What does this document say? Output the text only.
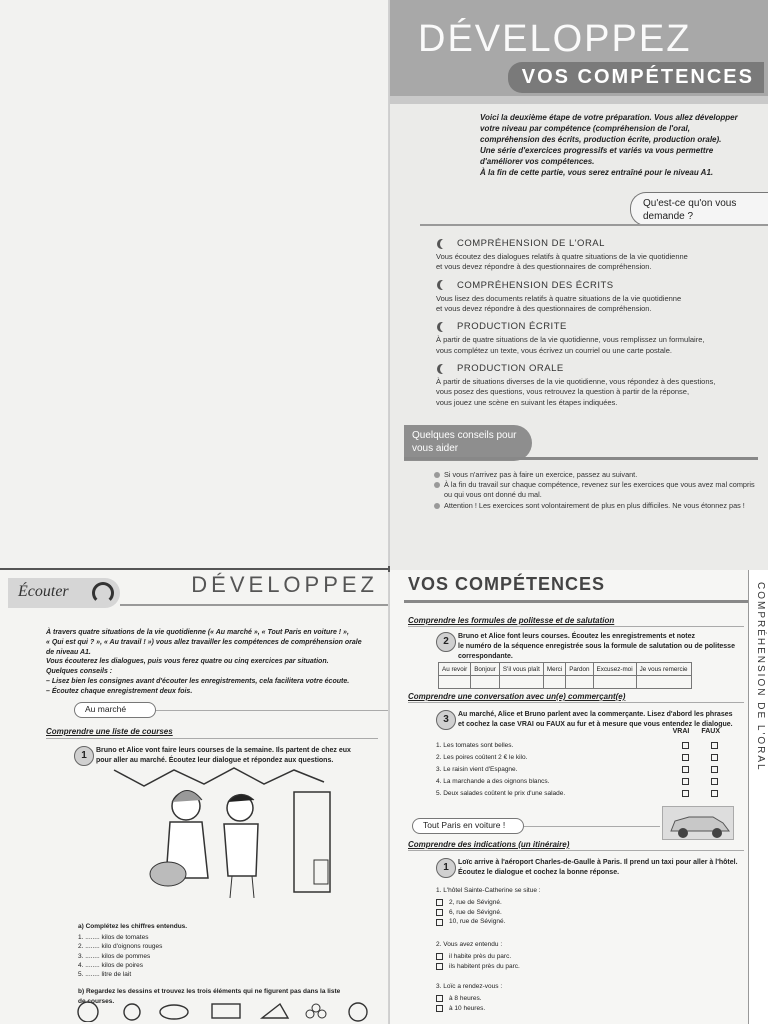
DÉVELOPPEZ
VOS COMPÉTENCES

Voici la deuxième étape de votre préparation. Vous allez développer

votre niveau par compétence (compréhension de l'oral,

compréhension des écrits, production écrite, production orale).

Une série d'exercices progressifs et variés va vous permettre

d'améliorer vos compétences.

À la fin de cette partie, vous serez entraîné pour le niveau A1.

Qu'est-ce qu'on vous demande ?
COMPRÉHENSION DE L'ORAL
Vous écoutez des dialogues relatifs à quatre situations de la vie quotidienne
et vous devez répondre à des questionnaires de compréhension.
COMPRÉHENSION DES ÉCRITS
Vous lisez des documents relatifs à quatre situations de la vie quotidienne
et vous devez répondre à des questionnaires de compréhension.
PRODUCTION ÉCRITE
À partir de quatre situations de la vie quotidienne, vous remplissez un formulaire,
vous complétez un texte, vous écrivez un courriel ou une carte postale.
PRODUCTION ORALE
À partir de situations diverses de la vie quotidienne, vous répondez à des questions,
vous posez des questions, vous retrouvez la question à partir de la réponse,
vous jouez une scène en suivant les étapes indiquées.
Quelques conseils pour vous aider
Si vous n'arrivez pas à faire un exercice, passez au suivant.
À la fin du travail sur chaque compétence, revenez sur les exercices que vous avez mal compris ou qui vous ont donné du mal.
Attention ! Les exercices sont volontairement de plus en plus difficiles. Ne vous étonnez pas !
Écouter	DÉVELOPPEZ

À travers quatre situations de la vie quotidienne (« Au marché », « Tout Paris en voiture ! »,

« Qui est qui ? », « Au travail ! ») vous allez travailler les compétences de compréhension orale

de niveau A1.

Vous écouterez les dialogues, puis vous ferez quatre ou cinq exercices par situation.

Quelques conseils :

– Lisez bien les consignes avant d'écouter les enregistrements, cela facilitera votre écoute.

– Écoutez chaque enregistrement deux fois.

Au marché
Comprendre une liste de courses
1	Bruno et Alice vont faire leurs courses de la semaine. Ils partent de chez eux
pour aller au marché. Écoutez leur dialogue et répondez aux questions.
a) Complétez les chiffres entendus.
1. ........ kilos de tomates
2. ........ kilo d'oignons rouges
3. ........ kilos de pommes
4. ........ kilos de poires
5. ........ litre de lait
b) Regardez les dessins et trouvez les trois éléments qui ne figurent pas dans la liste
de courses.
VOS COMPÉTENCES	COMPRÉHENSION DE L'ORAL
Comprendre les formules de politesse et de salutation
2	Bruno et Alice font leurs courses. Écoutez les enregistrements et notez
le numéro de la séquence enregistrée sous la formule de salutation ou de politesse
correspondante.
Au revoir	Bonjour	S'il vous plaît	Merci	Pardon	Excusez-moi	Je vous remercie

Comprendre une conversation avec un(e) commerçant(e)
3	Au marché, Alice et Bruno parlent avec la commerçante. Lisez d'abord les phrases
et cochez la case VRAI ou FAUX au fur et à mesure que vous entendez le dialogue.
VRAI FAUX
1. Les tomates sont belles.
2. Les poires coûtent 2 € le kilo.
3. Le raisin vient d'Espagne.
4. La marchande a des oignons blancs.
5. Deux salades coûtent le prix d'une salade.
Tout Paris en voiture !
Comprendre des indications (un itinéraire)
1	Loïc arrive à l'aéroport Charles-de-Gaulle à Paris. Il prend un taxi pour aller à l'hôtel.
Écoutez le dialogue et cochez la bonne réponse.
1. L'hôtel Sainte-Catherine se situe :
2, rue de Sévigné.
6, rue de Sévigné.
10, rue de Sévigné.
2. Vous avez entendu :
il habite près du parc.
ils habitent près du parc.
3. Loïc a rendez-vous :
à 8 heures.
à 10 heures.
